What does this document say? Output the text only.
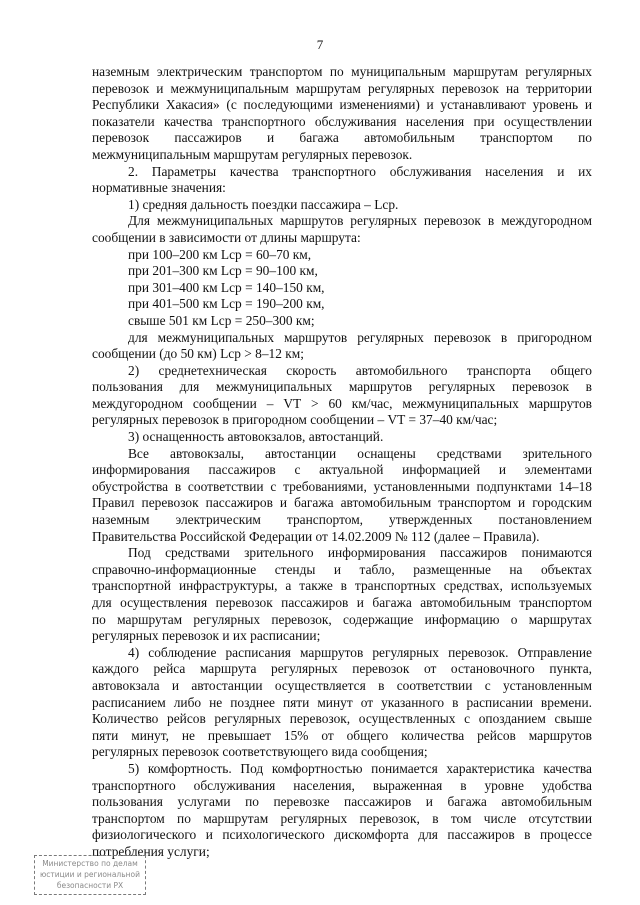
7
наземным электрическим транспортом по муниципальным маршрутам регулярных
перевозок и межмуниципальным маршрутам регулярных перевозок на территории
Республики Хакасия» (с последующими изменениями) и устанавливают уровень и
показатели качества транспортного обслуживания населения при осуществлении
перевозок пассажиров и багажа автомобильным транспортом по
межмуниципальным маршрутам регулярных перевозок.
2. Параметры качества транспортного обслуживания населения и их
нормативные значения:
1) средняя дальность поездки пассажира – Lср.
Для межмуниципальных маршрутов регулярных перевозок в междугородном
сообщении в зависимости от длины маршрута:
при 100–200 км Lср = 60–70 км,
при 201–300 км Lср = 90–100 км,
при 301–400 км Lср = 140–150 км,
при 401–500 км Lср = 190–200 км,
свыше 501 км Lср = 250–300 км;
для межмуниципальных маршрутов регулярных перевозок в пригородном
сообщении (до 50 км) Lср > 8–12 км;
2) среднетехническая скорость автомобильного транспорта общего
пользования для межмуниципальных маршрутов регулярных перевозок в
междугородном сообщении – VT > 60 км/час, межмуниципальных маршрутов
регулярных перевозок в пригородном сообщении – VT = 37–40 км/час;
3) оснащенность автовокзалов, автостанций.
Все автовокзалы, автостанции оснащены средствами зрительного
информирования пассажиров с актуальной информацией и элементами
обустройства в соответствии с требованиями, установленными подпунктами 14–18
Правил перевозок пассажиров и багажа автомобильным транспортом и городским
наземным электрическим транспортом, утвержденных постановлением
Правительства Российской Федерации от 14.02.2009 № 112 (далее – Правила).
Под средствами зрительного информирования пассажиров понимаются
справочно-информационные стенды и табло, размещенные на объектах
транспортной инфраструктуры, а также в транспортных средствах, используемых
для осуществления перевозок пассажиров и багажа автомобильным транспортом
по маршрутам регулярных перевозок, содержащие информацию о маршрутах
регулярных перевозок и их расписании;
4) соблюдение расписания маршрутов регулярных перевозок. Отправление
каждого рейса маршрута регулярных перевозок от остановочного пункта,
автовокзала и автостанции осуществляется в соответствии с установленным
расписанием либо не позднее пяти минут от указанного в расписании времени.
Количество рейсов регулярных перевозок, осуществленных с опозданием свыше
пяти минут, не превышает 15% от общего количества рейсов маршрутов
регулярных перевозок соответствующего вида сообщения;
5) комфортность. Под комфортностью понимается характеристика качества
транспортного обслуживания населения, выраженная в уровне удобства
пользования услугами по перевозке пассажиров и багажа автомобильным
транспортом по маршрутам регулярных перевозок, в том числе отсутствии
физиологического и психологического дискомфорта для пассажиров в процессе
потребления услуги;
Министерство по делам
юстиции и региональной
безопасности РХ
